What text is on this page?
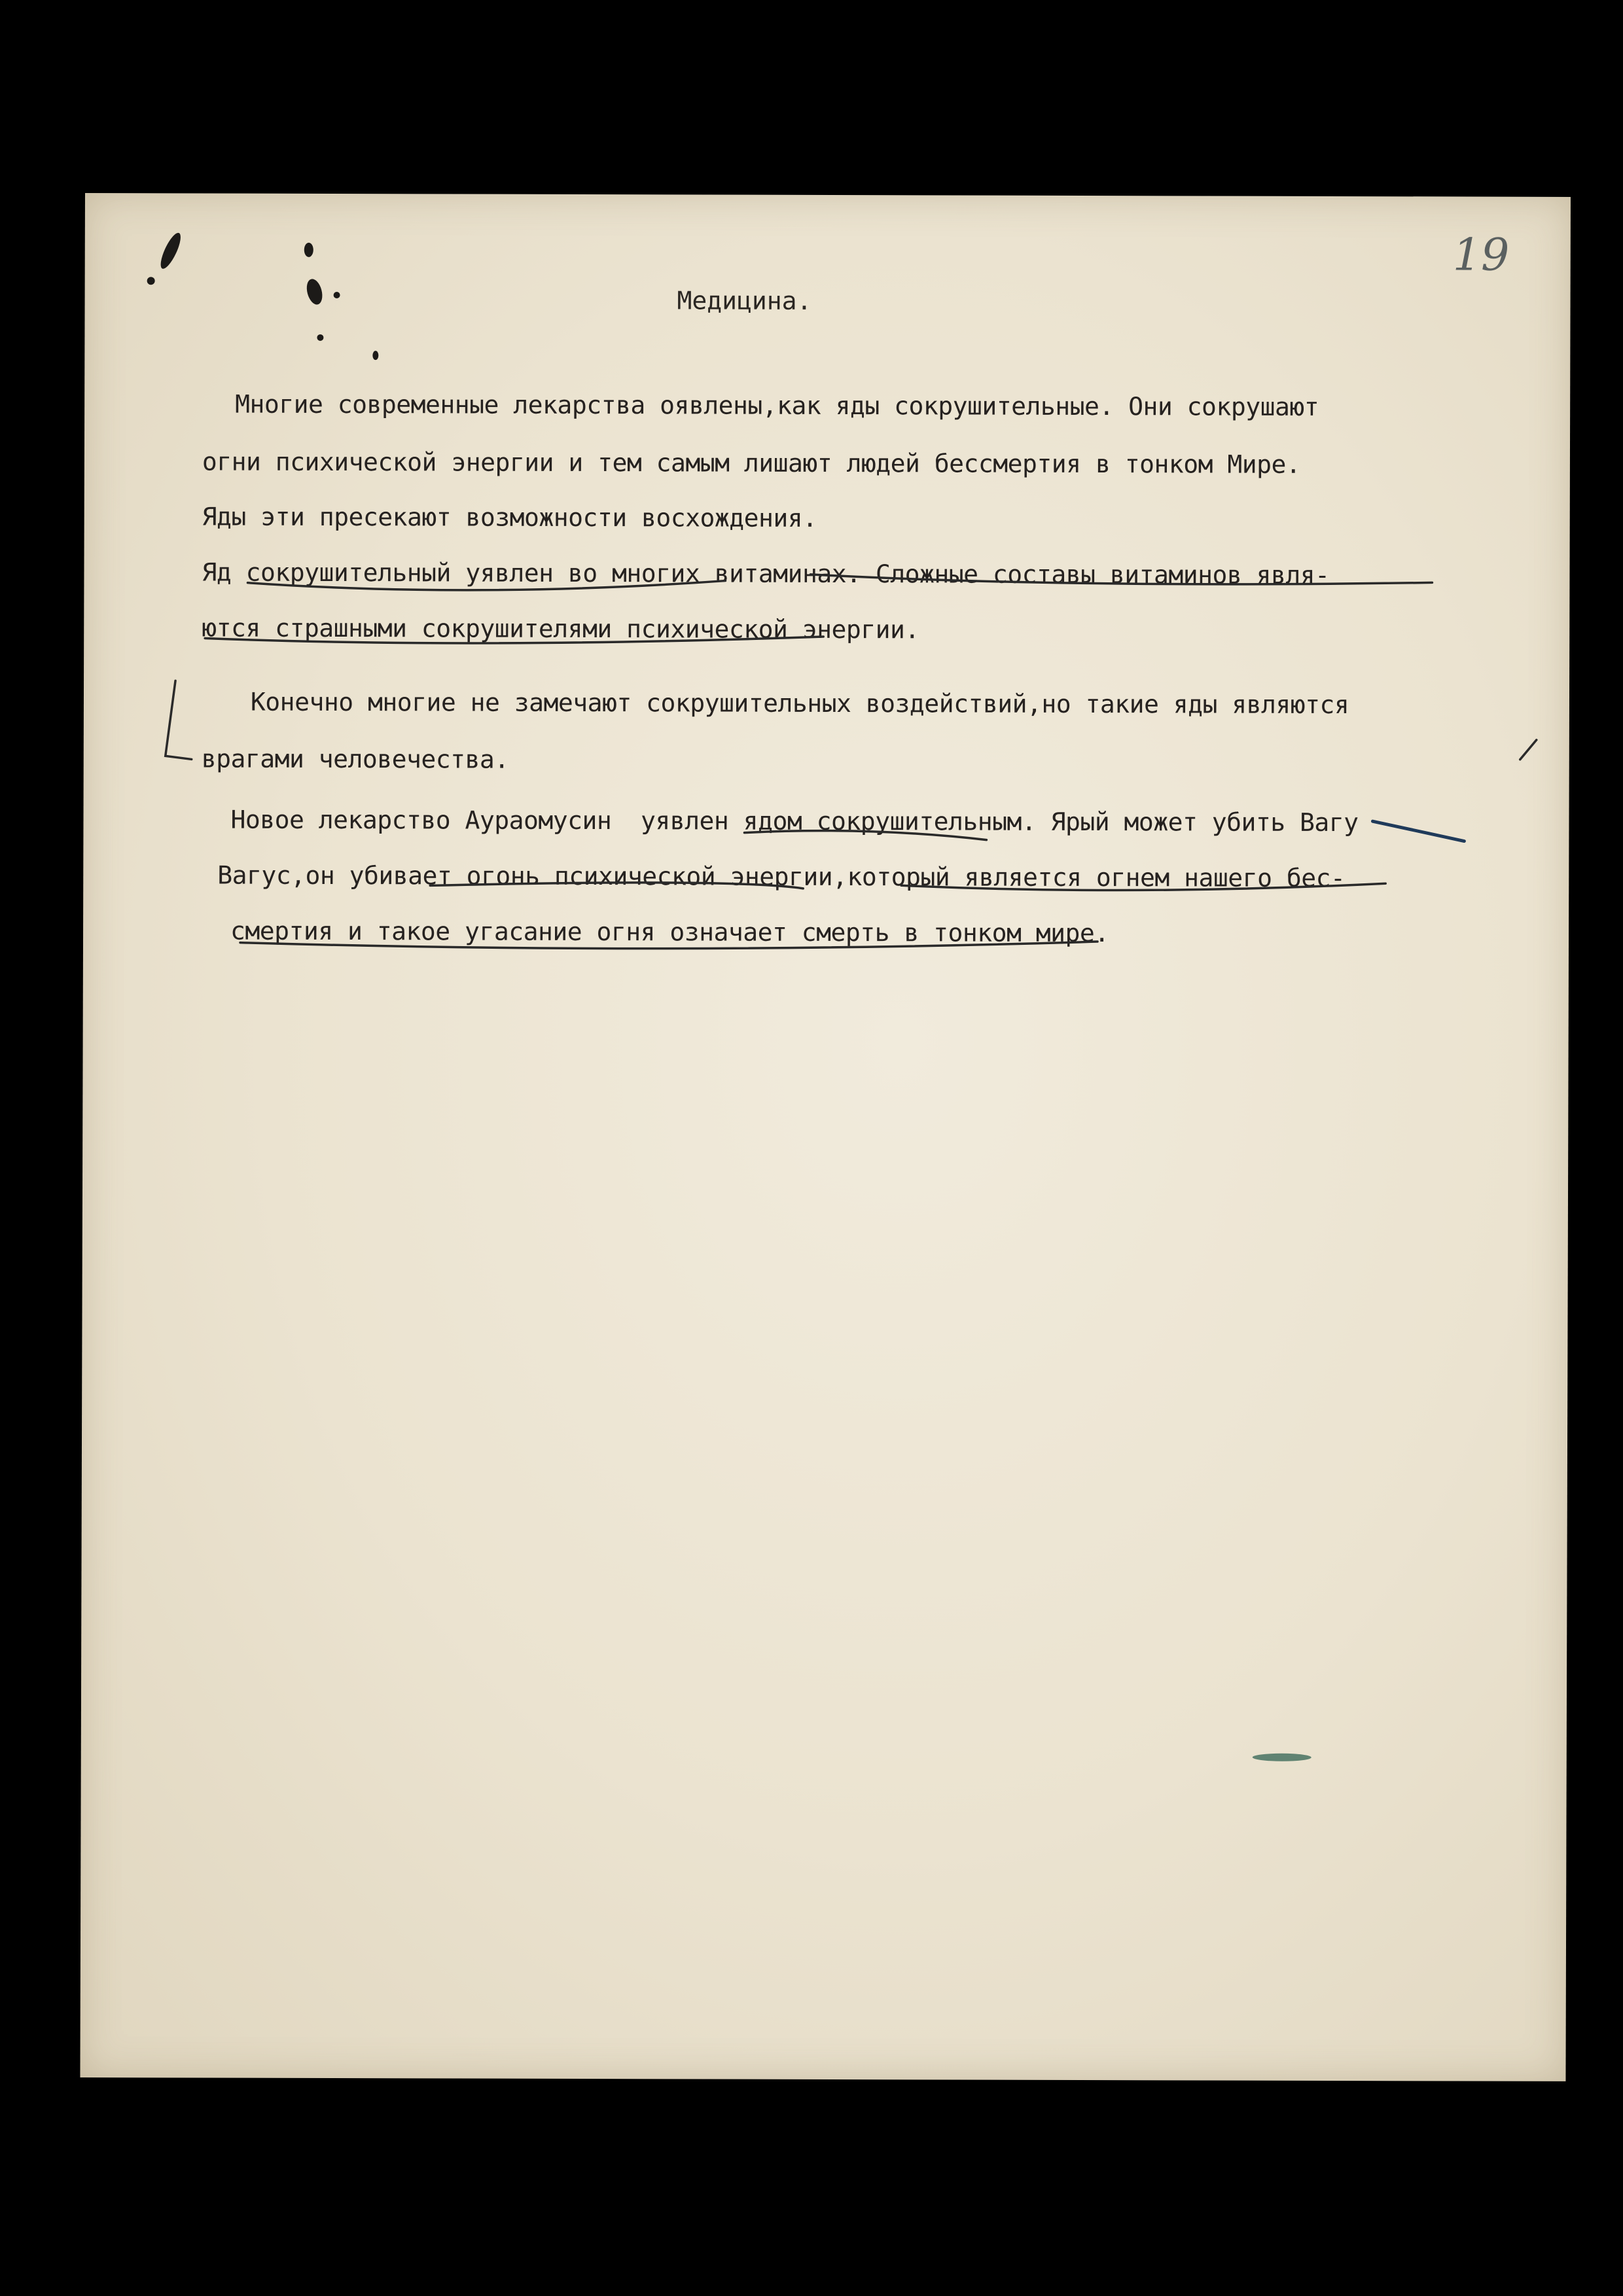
19
Медицина.
Многие современные лекарства оявлены,как яды сокрушительные. Они сокрушают
огни психической энергии и тем самым лишают людей бессмертия в тонком Мире.
Яды эти пресекают возможности восхождения.
Яд сокрушительный уявлен во многих витаминах. Сложные составы витаминов явля-
ются страшными сокрушителями психической энергии.
Конечно многие не замечают сокрушительных воздействий,но такие яды являются
врагами человечества.
Новое лекарство Аураомусин  уявлен ядом сокрушительным. Ярый может убить Вагу
Вагус,он убивает огонь психической энергии,который является огнем нашего бес-
смертия и такое угасание огня означает смерть в тонком мире.
